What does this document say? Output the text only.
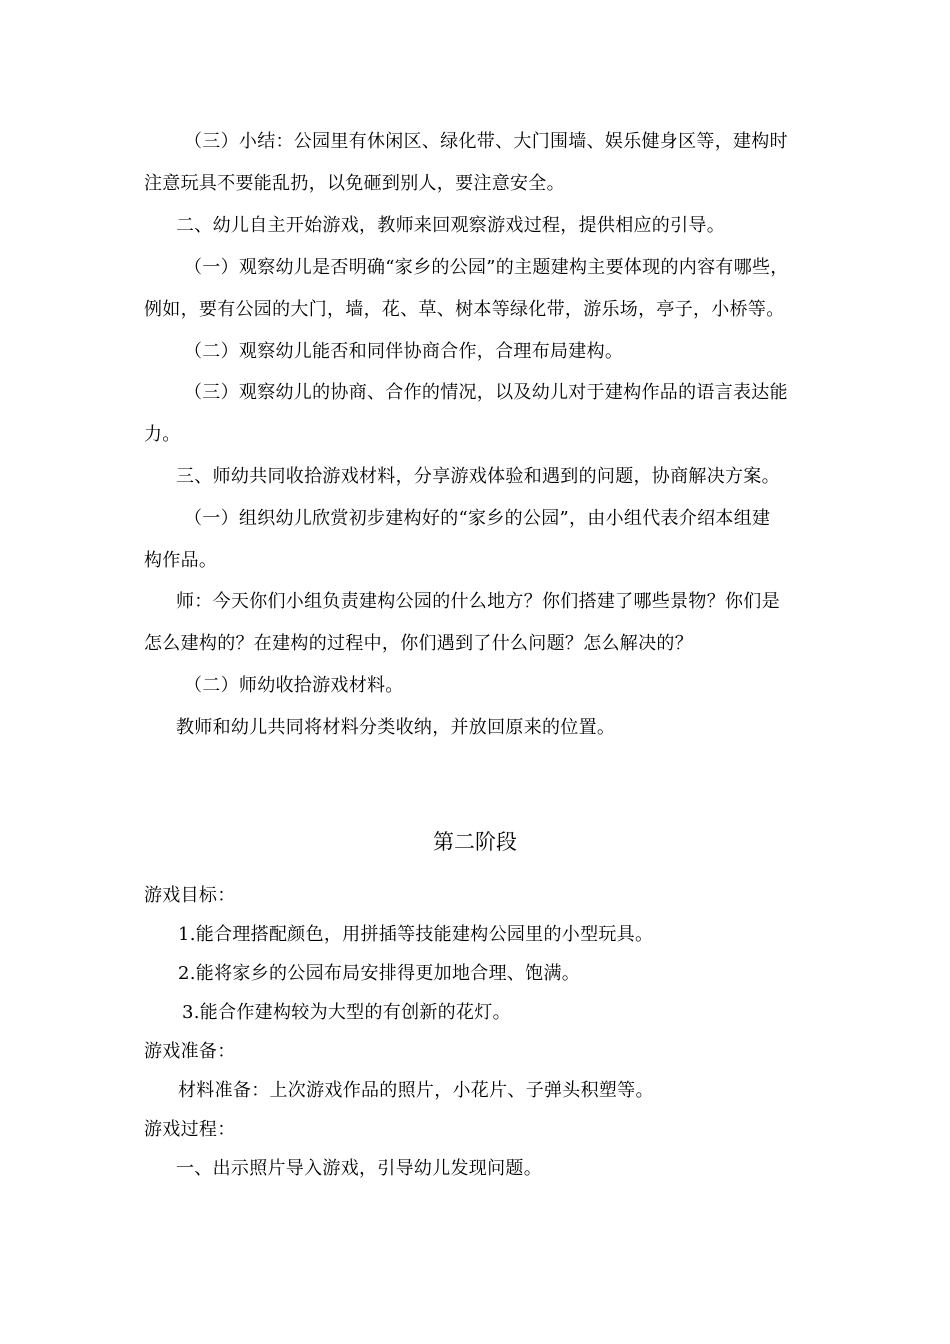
（三）小结：公园里有休闲区、绿化带、大门围墙、娱乐健身区等，建构时
注意玩具不要能乱扔，以免砸到别人，要注意安全。
二、幼儿自主开始游戏，教师来回观察游戏过程，提供相应的引导。
（一）观察幼儿是否明确“家乡的公园”的主题建构主要体现的内容有哪些，
例如，要有公园的大门，墙，花、草、树本等绿化带，游乐场，亭子，小桥等。
（二）观察幼儿能否和同伴协商合作，合理布局建构。
（三）观察幼儿的协商、合作的情况，以及幼儿对于建构作品的语言表达能
力。
三、师幼共同收拾游戏材料，分享游戏体验和遇到的问题，协商解决方案。
（一）组织幼儿欣赏初步建构好的“家乡的公园”，由小组代表介绍本组建
构作品。
师：今天你们小组负责建构公园的什么地方？你们搭建了哪些景物？你们是
怎么建构的？在建构的过程中，你们遇到了什么问题？怎么解决的？
（二）师幼收拾游戏材料。
教师和幼儿共同将材料分类收纳，并放回原来的位置。
第二阶段
游戏目标：
1.能合理搭配颜色，用拼插等技能建构公园里的小型玩具。
2.能将家乡的公园布局安排得更加地合理、饱满。
3.能合作建构较为大型的有创新的花灯。
游戏准备：
材料准备：上次游戏作品的照片，小花片、子弹头积塑等。
游戏过程：
一、出示照片导入游戏，引导幼儿发现问题。
